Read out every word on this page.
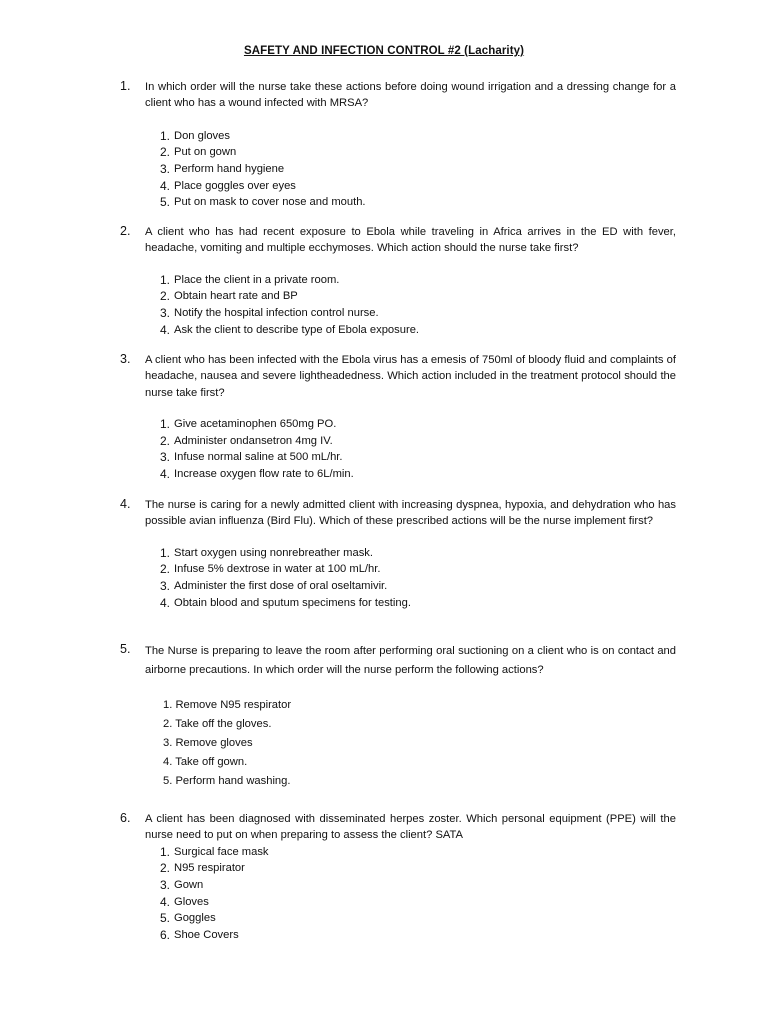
SAFETY AND INFECTION CONTROL #2 (Lacharity)
1. In which order will the nurse take these actions before doing wound irrigation and a dressing change for a client who has a wound infected with MRSA?
1. Don gloves
2. Put on gown
3. Perform hand hygiene
4. Place goggles over eyes
5. Put on mask to cover nose and mouth.
2. A client who has had recent exposure to Ebola while traveling in Africa arrives in the ED with fever, headache, vomiting and multiple ecchymoses. Which action should the nurse take first?
1. Place the client in a private room.
2. Obtain heart rate and BP
3. Notify the hospital infection control nurse.
4. Ask the client to describe type of Ebola exposure.
3. A client who has been infected with the Ebola virus has a emesis of 750ml of bloody fluid and complaints of headache, nausea and severe lightheadedness. Which action included in the treatment protocol should the nurse take first?
1. Give acetaminophen 650mg PO.
2. Administer ondansetron 4mg IV.
3. Infuse normal saline at 500 mL/hr.
4. Increase oxygen flow rate to 6L/min.
4. The nurse is caring for a newly admitted client with increasing dyspnea, hypoxia, and dehydration who has possible avian influenza (Bird Flu). Which of these prescribed actions will be the nurse implement first?
1. Start oxygen using nonrebreather mask.
2. Infuse 5% dextrose in water at 100 mL/hr.
3. Administer the first dose of oral oseltamivir.
4. Obtain blood and sputum specimens for testing.
5. The Nurse is preparing to leave the room after performing oral suctioning on a client who is on contact and airborne precautions. In which order will the nurse perform the following actions?
1. Remove N95 respirator
2. Take off the gloves.
3. Remove gloves
4. Take off gown.
5. Perform hand washing.
6. A client has been diagnosed with disseminated herpes zoster. Which personal equipment (PPE) will the nurse need to put on when preparing to assess the client? SATA
1. Surgical face mask
2. N95 respirator
3. Gown
4. Gloves
5. Goggles
6. Shoe Covers
